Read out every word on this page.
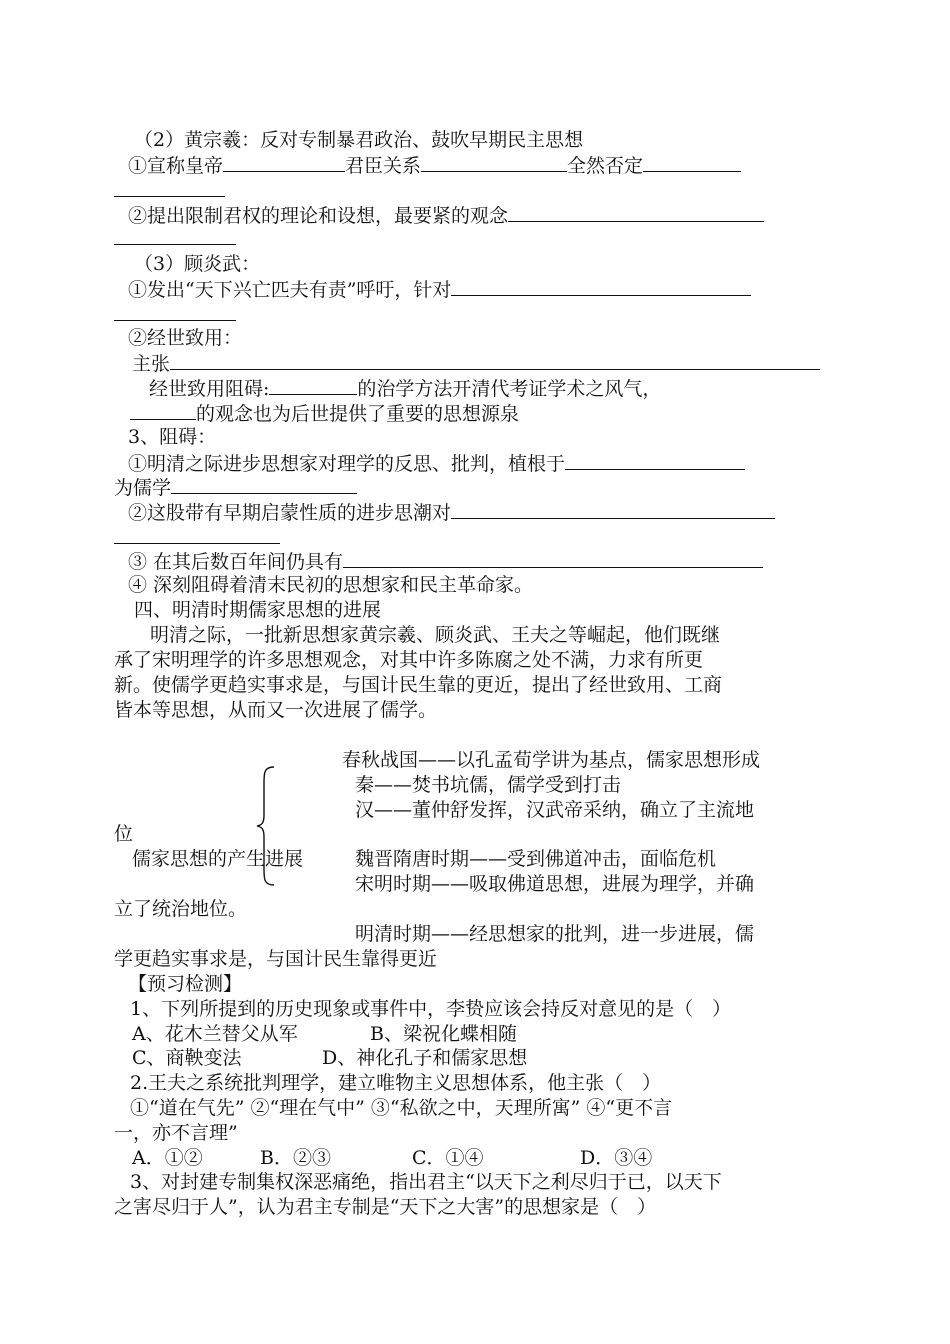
（2）黄宗羲：反对专制暴君政治、鼓吹早期民主思想
①宣称皇帝	君臣关系	全然否定
②提出限制君权的理论和设想，最要紧的观念
（3）顾炎武：
①发出“天下兴亡匹夫有责”呼吁，针对
②经世致用：
主张
经世致用阻碍:	的治学方法开清代考证学术之风气，
的观念也为后世提供了重要的思想源泉
3、阻碍：
①明清之际进步思想家对理学的反思、批判，植根于
为儒学
②这股带有早期启蒙性质的进步思潮对
③ 在其后数百年间仍具有
④ 深刻阻碍着清末民初的思想家和民主革命家。
四、明清时期儒家思想的进展
明清之际，一批新思想家黄宗羲、顾炎武、王夫之等崛起，他们既继
承了宋明理学的许多思想观念，对其中许多陈腐之处不满，力求有所更
新。使儒学更趋实事求是，与国计民生靠的更近，提出了经世致用、工商
皆本等思想，从而又一次进展了儒学。
春秋战国——以孔孟荀学讲为基点，儒家思想形成
秦——焚书坑儒，儒学受到打击
汉——董仲舒发挥，汉武帝采纳，确立了主流地
位
儒家思想的产生进展	魏晋隋唐时期——受到佛道冲击，面临危机
宋明时期——吸取佛道思想，进展为理学，并确
立了统治地位。
明清时期——经思想家的批判，进一步进展，儒
学更趋实事求是，与国计民生靠得更近
【预习检测】
1、下列所提到的历史现象或事件中，李贽应该会持反对意见的是（　）
A、花木兰替父从军	B、梁祝化蝶相随
C、商鞅变法	D、神化孔子和儒家思想
2.王夫之系统批判理学，建立唯物主义思想体系，他主张（　）
①“道在气先” ②“理在气中” ③“私欲之中，天理所寓” ④“更不言
一，亦不言理”
A．①②	B．②③	C．①④	D．③④
3、对封建专制集权深恶痛绝，指出君主“以天下之利尽归于已，以天下
之害尽归于人”，认为君主专制是“天下之大害”的思想家是（　）
